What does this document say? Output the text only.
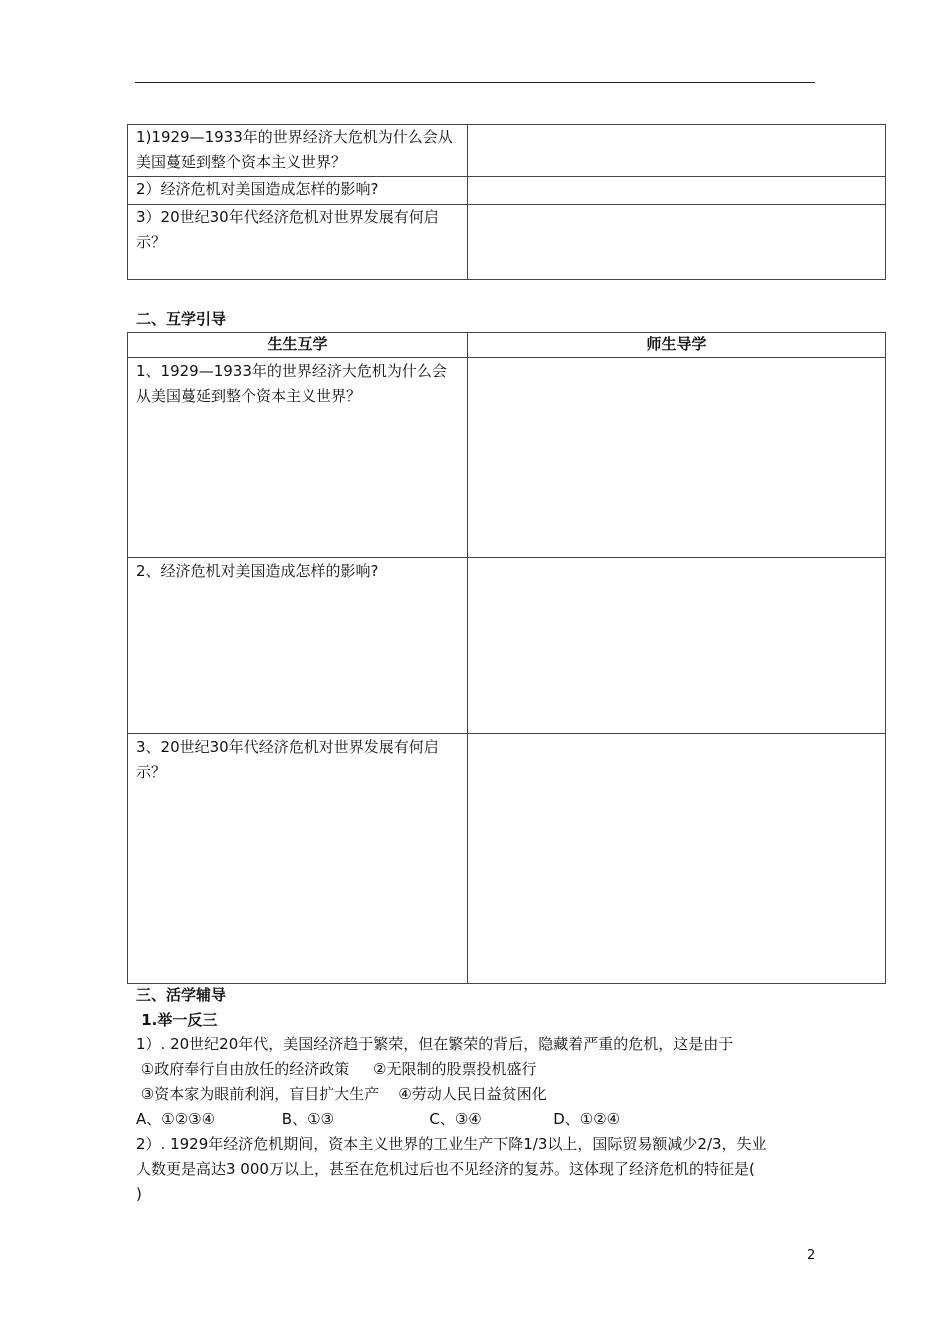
1)1929—1933年的世界经济大危机为什么会从美国蔓延到整个资本主义世界？	
2）经济危机对美国造成怎样的影响?	
3）20世纪30年代经济危机对世界发展有何启示？	
二、互学引导
生生互学	师生导学
1、1929—1933年的世界经济大危机为什么会从美国蔓延到整个资本主义世界？	
2、经济危机对美国造成怎样的影响?	
3、20世纪30年代经济危机对世界发展有何启示？	
三、活学辅导
1.举一反三
1）. 20世纪20年代，美国经济趋于繁荣，但在繁荣的背后，隐藏着严重的危机，这是由于
①政府奉行自由放任的经济政策     ②无限制的股票投机盛行
③资本家为眼前利润，盲目扩大生产    ④劳动人民日益贫困化
A、①②③④              B、①③                    C、③④               D、①②④
2）. 1929年经济危机期间，资本主义世界的工业生产下降1/3以上，国际贸易额减少2/3，失业
人数更是高达3 000万以上，甚至在危机过后也不见经济的复苏。这体现了经济危机的特征是(
)
2
